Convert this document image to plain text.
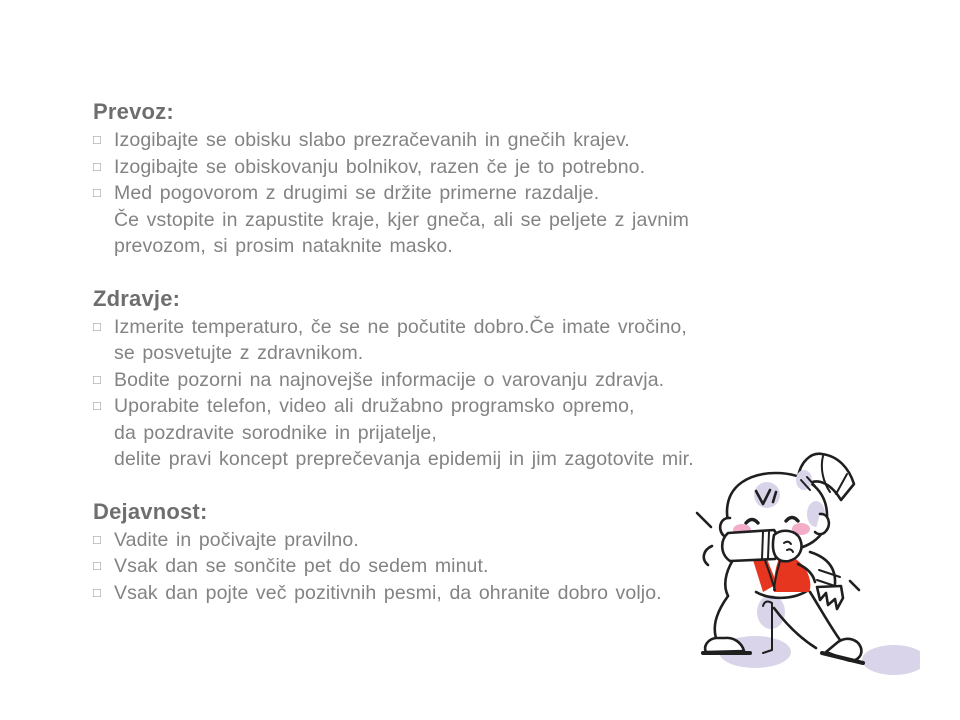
Prevoz:
□ Izogibajte se obisku slabo prezračevanih in gnečih krajev.
□ Izogibajte se obiskovanju bolnikov, razen če je to potrebno.
□ Med pogovorom z drugimi se držite primerne razdalje.
Če vstopite in zapustite kraje, kjer gneča, ali se peljete z javnim
prevozom, si prosim nataknite masko.
Zdravje:
□ Izmerite temperaturo, če se ne počutite dobro.Če imate vročino,
se posvetujte z zdravnikom.
□ Bodite pozorni na najnovejše informacije o varovanju zdravja.
□ Uporabite telefon, video ali družabno programsko opremo,
da pozdravite sorodnike in prijatelje,
delite pravi koncept preprečevanja epidemij in jim zagotovite mir.
Dejavnost:
□ Vadite in počivajte pravilno.
□ Vsak dan se sončite pet do sedem minut.
□ Vsak dan pojte več pozitivnih pesmi, da ohranite dobro voljo.
